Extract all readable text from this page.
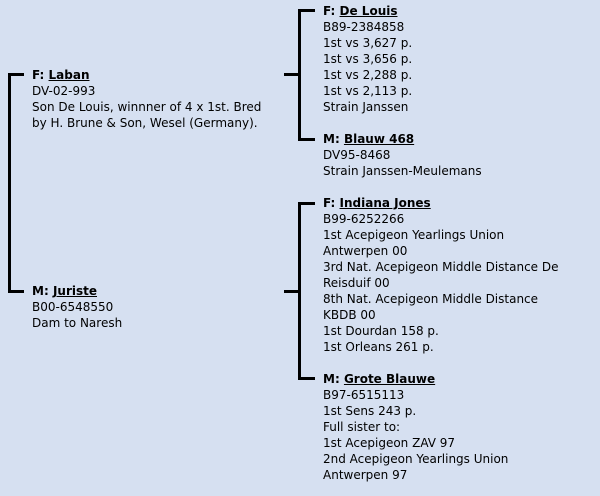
F: Laban
DV-02-993
Son De Louis, winnner of 4 x 1st. Bred
by H. Brune & Son, Wesel (Germany).
M: Juriste
B00-6548550
Dam to Naresh
F: De Louis
B89-2384858
1st vs 3,627 p.
1st vs 3,656 p.
1st vs 2,288 p.
1st vs 2,113 p.
Strain Janssen
M: Blauw 468
DV95-8468
Strain Janssen-Meulemans
F: Indiana Jones
B99-6252266
1st Acepigeon Yearlings Union
Antwerpen 00
3rd Nat. Acepigeon Middle Distance De
Reisduif 00
8th Nat. Acepigeon Middle Distance
KBDB 00
1st Dourdan 158 p.
1st Orleans 261 p.
M: Grote Blauwe
B97-6515113
1st Sens 243 p.
Full sister to:
1st Acepigeon ZAV 97
2nd Acepigeon Yearlings Union
Antwerpen 97
